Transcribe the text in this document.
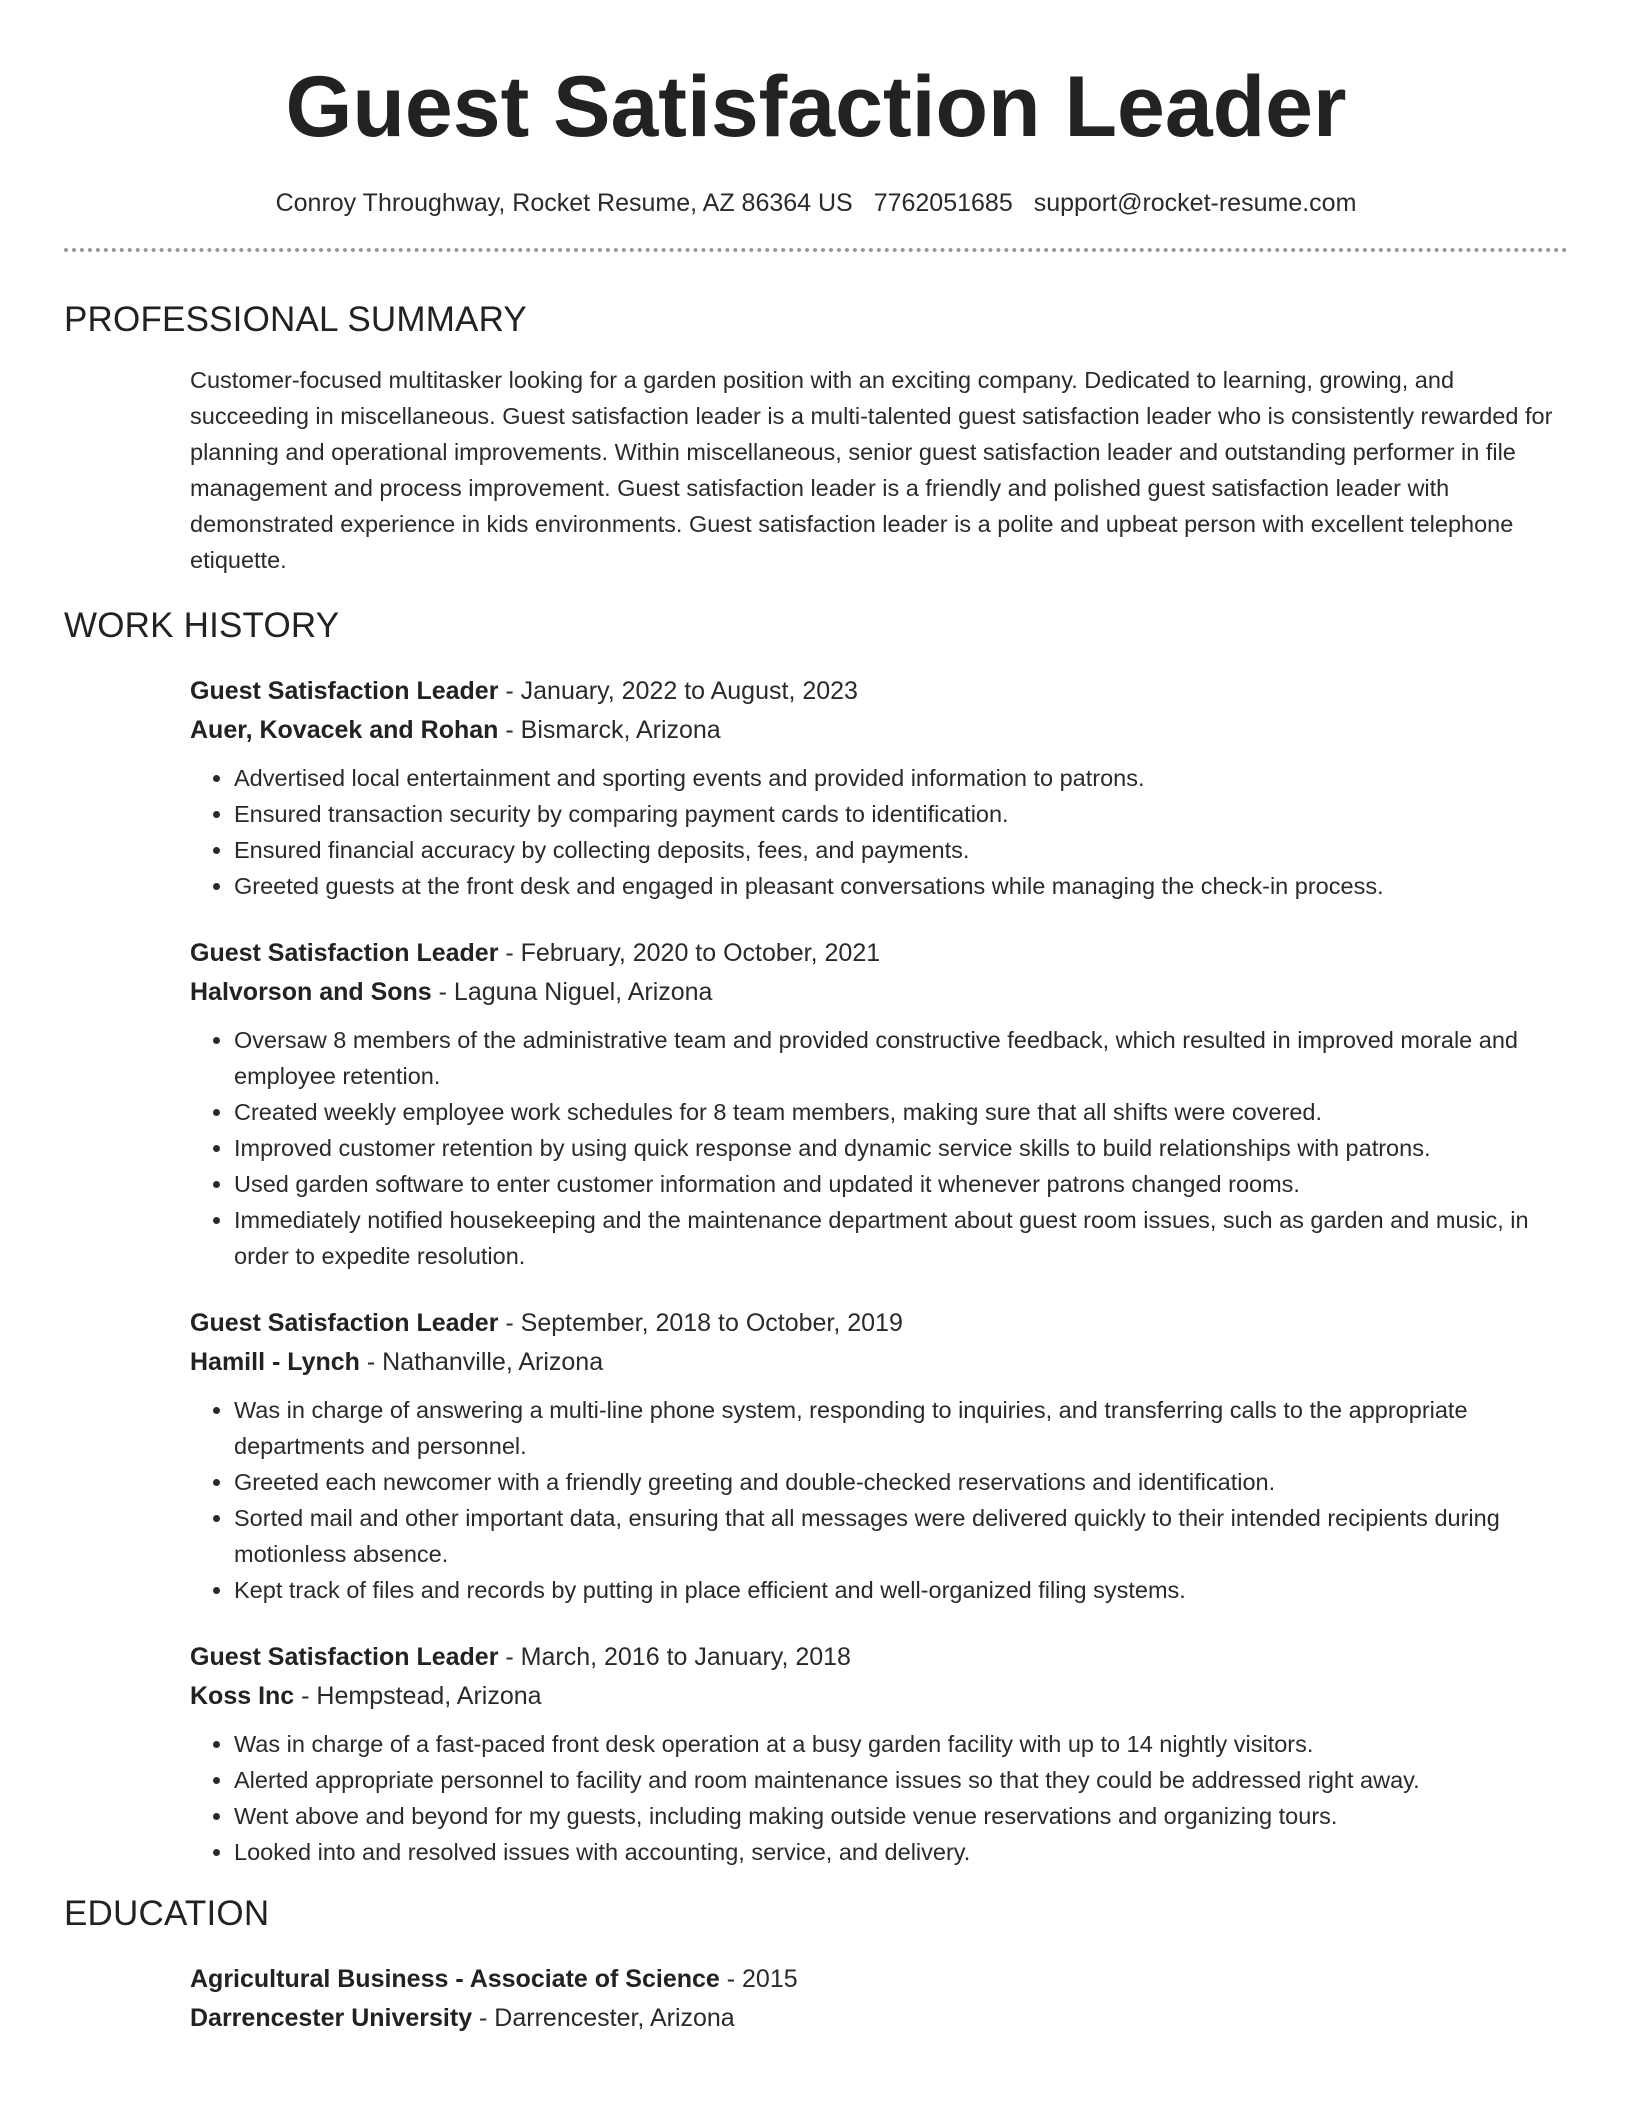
Guest Satisfaction Leader
Conroy Throughway, Rocket Resume, AZ 86364 US 7762051685 support@rocket-resume.com
PROFESSIONAL SUMMARY
Customer-focused multitasker looking for a garden position with an exciting company. Dedicated to learning, growing, and succeeding in miscellaneous. Guest satisfaction leader is a multi-talented guest satisfaction leader who is consistently rewarded for planning and operational improvements. Within miscellaneous, senior guest satisfaction leader and outstanding performer in file management and process improvement. Guest satisfaction leader is a friendly and polished guest satisfaction leader with demonstrated experience in kids environments. Guest satisfaction leader is a polite and upbeat person with excellent telephone etiquette.
WORK HISTORY
Guest Satisfaction Leader - January, 2022 to August, 2023
Auer, Kovacek and Rohan - Bismarck, Arizona
• Advertised local entertainment and sporting events and provided information to patrons.
• Ensured transaction security by comparing payment cards to identification.
• Ensured financial accuracy by collecting deposits, fees, and payments.
• Greeted guests at the front desk and engaged in pleasant conversations while managing the check-in process.
Guest Satisfaction Leader - February, 2020 to October, 2021
Halvorson and Sons - Laguna Niguel, Arizona
• Oversaw 8 members of the administrative team and provided constructive feedback, which resulted in improved morale and employee retention.
• Created weekly employee work schedules for 8 team members, making sure that all shifts were covered.
• Improved customer retention by using quick response and dynamic service skills to build relationships with patrons.
• Used garden software to enter customer information and updated it whenever patrons changed rooms.
• Immediately notified housekeeping and the maintenance department about guest room issues, such as garden and music, in order to expedite resolution.
Guest Satisfaction Leader - September, 2018 to October, 2019
Hamill - Lynch - Nathanville, Arizona
• Was in charge of answering a multi-line phone system, responding to inquiries, and transferring calls to the appropriate departments and personnel.
• Greeted each newcomer with a friendly greeting and double-checked reservations and identification.
• Sorted mail and other important data, ensuring that all messages were delivered quickly to their intended recipients during motionless absence.
• Kept track of files and records by putting in place efficient and well-organized filing systems.
Guest Satisfaction Leader - March, 2016 to January, 2018
Koss Inc - Hempstead, Arizona
• Was in charge of a fast-paced front desk operation at a busy garden facility with up to 14 nightly visitors.
• Alerted appropriate personnel to facility and room maintenance issues so that they could be addressed right away.
• Went above and beyond for my guests, including making outside venue reservations and organizing tours.
• Looked into and resolved issues with accounting, service, and delivery.
EDUCATION
Agricultural Business - Associate of Science - 2015
Darrencester University - Darrencester, Arizona
